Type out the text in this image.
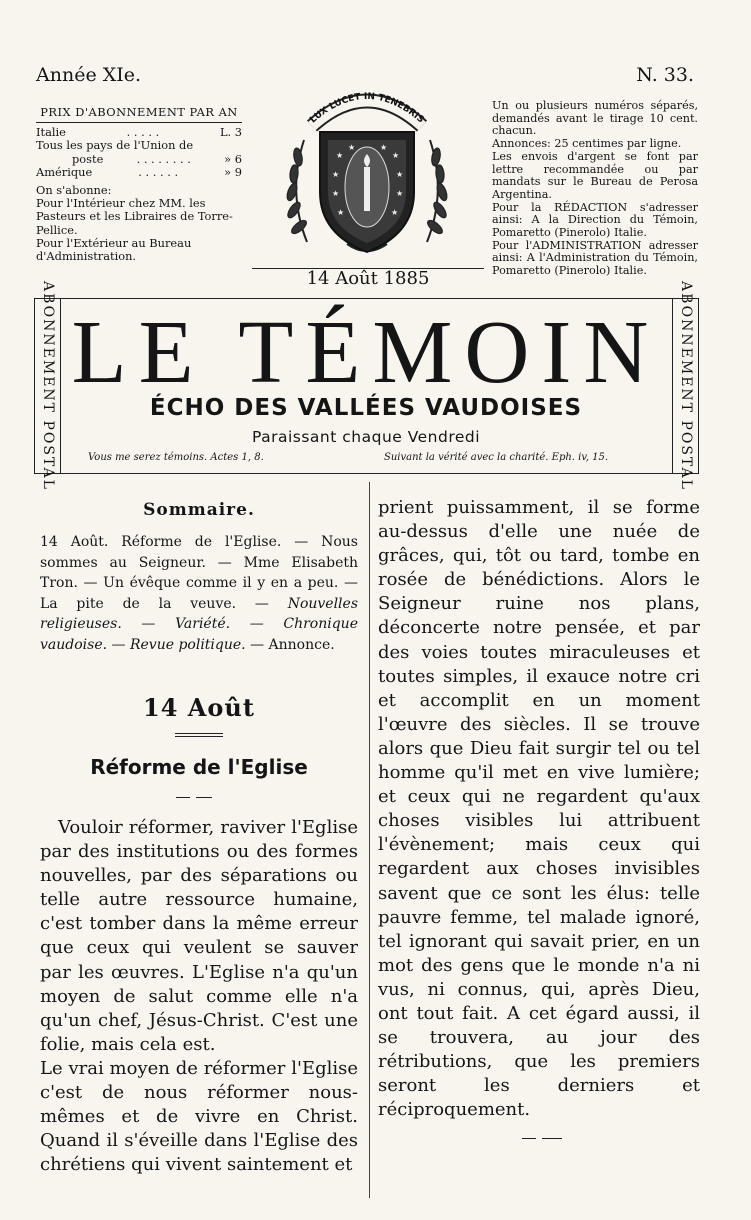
Année XIe.	N. 33.
PRIX D'ABONNEMENT PAR AN
Italie	. . . . .	L. 3
Tous les pays de l'Union de
poste	. . . . . . . .	» 6
Amérique	. . . . . .	» 9
On s'abonne:
Pour l'Intérieur chez MM. les Pasteurs et les Libraires de Torre-Pellice.
Pour l'Extérieur au Bureau d'Administration.
LUX LUCET IN TENEBRIS
★	★
★	★
★	★
★	★
★	★
Un ou plusieurs numéros séparés, demandés avant le tirage 10 cent. chacun.
Annonces: 25 centimes par ligne.
Les envois d'argent se font par lettre recommandée ou par mandats sur le Bureau de Perosa Argentina.
Pour la RÉDACTION s'adresser ainsi: A la Direction du Témoin, Pomaretto (Pinerolo) Italie.
Pour l'ADMINISTRATION adresser ainsi: A l'Administration du Témoin, Pomaretto (Pinerolo) Italie.
14 Août 1885
ABONNEMENT POSTAL	ABONNEMENT POSTAL
LE TÉMOIN
ÉCHO DES VALLÉES VAUDOISES
Paraissant chaque Vendredi
Vous me serez témoins. Actes 1, 8.	Suivant la vérité avec la charité. Eph. iv, 15.
Sommaire.
14 Août. Réforme de l'Eglise. — Nous sommes au Seigneur. — Mme Elisabeth Tron. — Un évêque comme il y en a peu. — La pite de la veuve. — Nouvelles religieuses. — Variété. — Chronique vaudoise. — Revue politique. — Annonce.
14 Août
Réforme de l'Eglise

Vouloir réformer, raviver l'Eglise par des institutions ou des formes nouvelles, par des séparations ou telle autre ressource humaine, c'est tomber dans la même erreur que ceux qui veulent se sauver par les œuvres. L'Eglise n'a qu'un moyen de salut comme elle n'a qu'un chef, Jésus-Christ. C'est une folie, mais cela est.

Le vrai moyen de réformer l'Eglise c'est de nous réformer nous-mêmes et de vivre en Christ. Quand il s'éveille dans l'Eglise des chrétiens qui vivent saintement et

prient puissamment, il se forme au-dessus d'elle une nuée de grâces, qui, tôt ou tard, tombe en rosée de bénédictions. Alors le Seigneur ruine nos plans, déconcerte notre pensée, et par des voies toutes miraculeuses et toutes simples, il exauce notre cri et accomplit en un moment l'œuvre des siècles. Il se trouve alors que Dieu fait surgir tel ou tel homme qu'il met en vive lumière; et ceux qui ne regardent qu'aux choses visibles lui attribuent l'évènement; mais ceux qui regardent aux choses invisibles savent que ce sont les élus: telle pauvre femme, tel malade ignoré, tel ignorant qui savait prier, en un mot des gens que le monde n'a ni vus, ni connus, qui, après Dieu, ont tout fait. A cet égard aussi, il se trouvera, au jour des rétributions, que les premiers seront les derniers et réciproquement.
